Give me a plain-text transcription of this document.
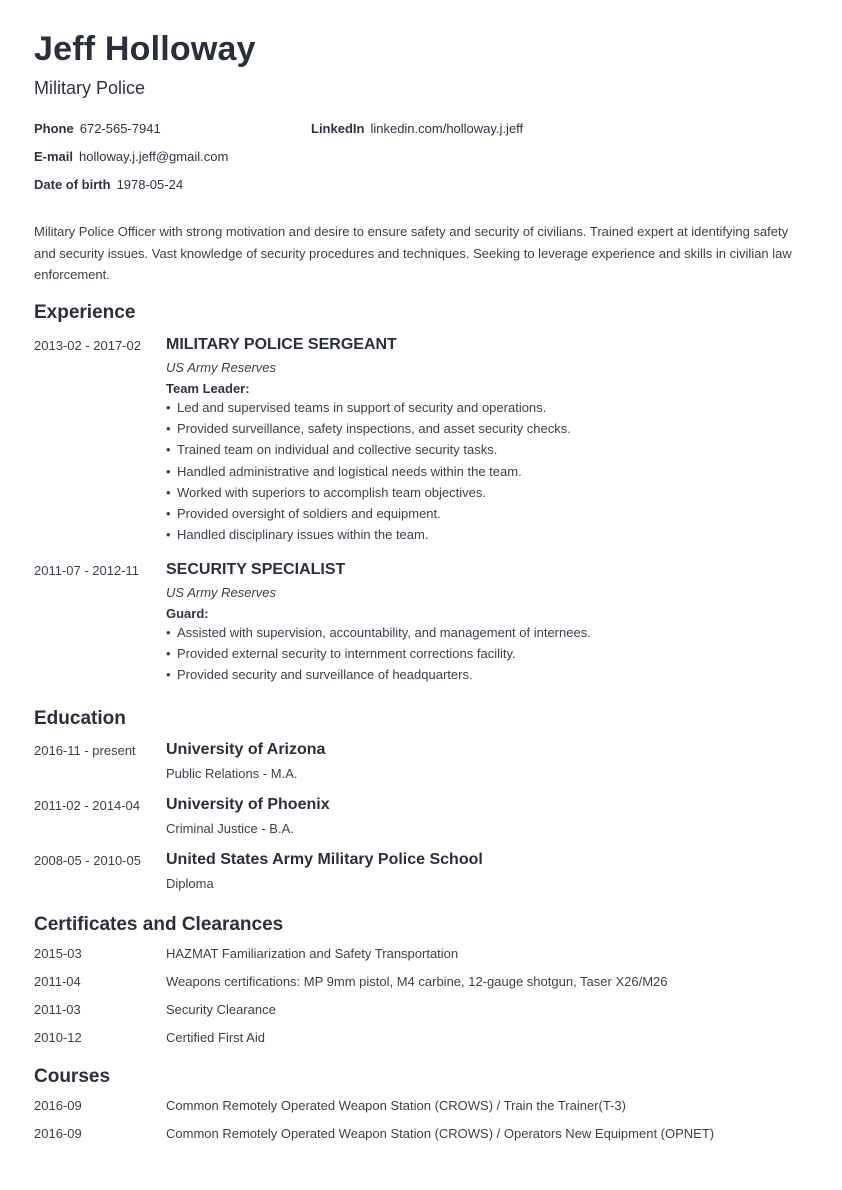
Jeff Holloway
Military Police
Phone 672-565-7941	LinkedIn linkedin.com/holloway.j.jeff
E-mail holloway.j.jeff@gmail.com
Date of birth 1978-05-24

Military Police Officer with strong motivation and desire to ensure safety and security of civilians. Trained expert at identifying safety and security issues. Vast knowledge of security procedures and techniques. Seeking to leverage experience and skills in civilian law enforcement.

Experience
2013-02 - 2017-02 MILITARY POLICE SERGEANT
US Army Reserves
Team Leader:
• Led and supervised teams in support of security and operations.
• Provided surveillance, safety inspections, and asset security checks.
• Trained team on individual and collective security tasks.
• Handled administrative and logistical needs within the team.
• Worked with superiors to accomplish team objectives.
• Provided oversight of soldiers and equipment.
• Handled disciplinary issues within the team.
2011-07 - 2012-11 SECURITY SPECIALIST
US Army Reserves
Guard:
• Assisted with supervision, accountability, and management of internees.
• Provided external security to internment corrections facility.
• Provided security and surveillance of headquarters.
Education
2016-11 - present University of Arizona
Public Relations - M.A.
2011-02 - 2014-04 University of Phoenix
Criminal Justice - B.A.
2008-05 - 2010-05 United States Army Military Police School
Diploma
Certificates and Clearances
2015-03	HAZMAT Familiarization and Safety Transportation
2011-04	Weapons certifications: MP 9mm pistol, M4 carbine, 12-gauge shotgun, Taser X26/M26
2011-03	Security Clearance
2010-12	Certified First Aid
Courses
2016-09	Common Remotely Operated Weapon Station (CROWS) / Train the Trainer(T-3)
2016-09	Common Remotely Operated Weapon Station (CROWS) / Operators New Equipment (OPNET)
